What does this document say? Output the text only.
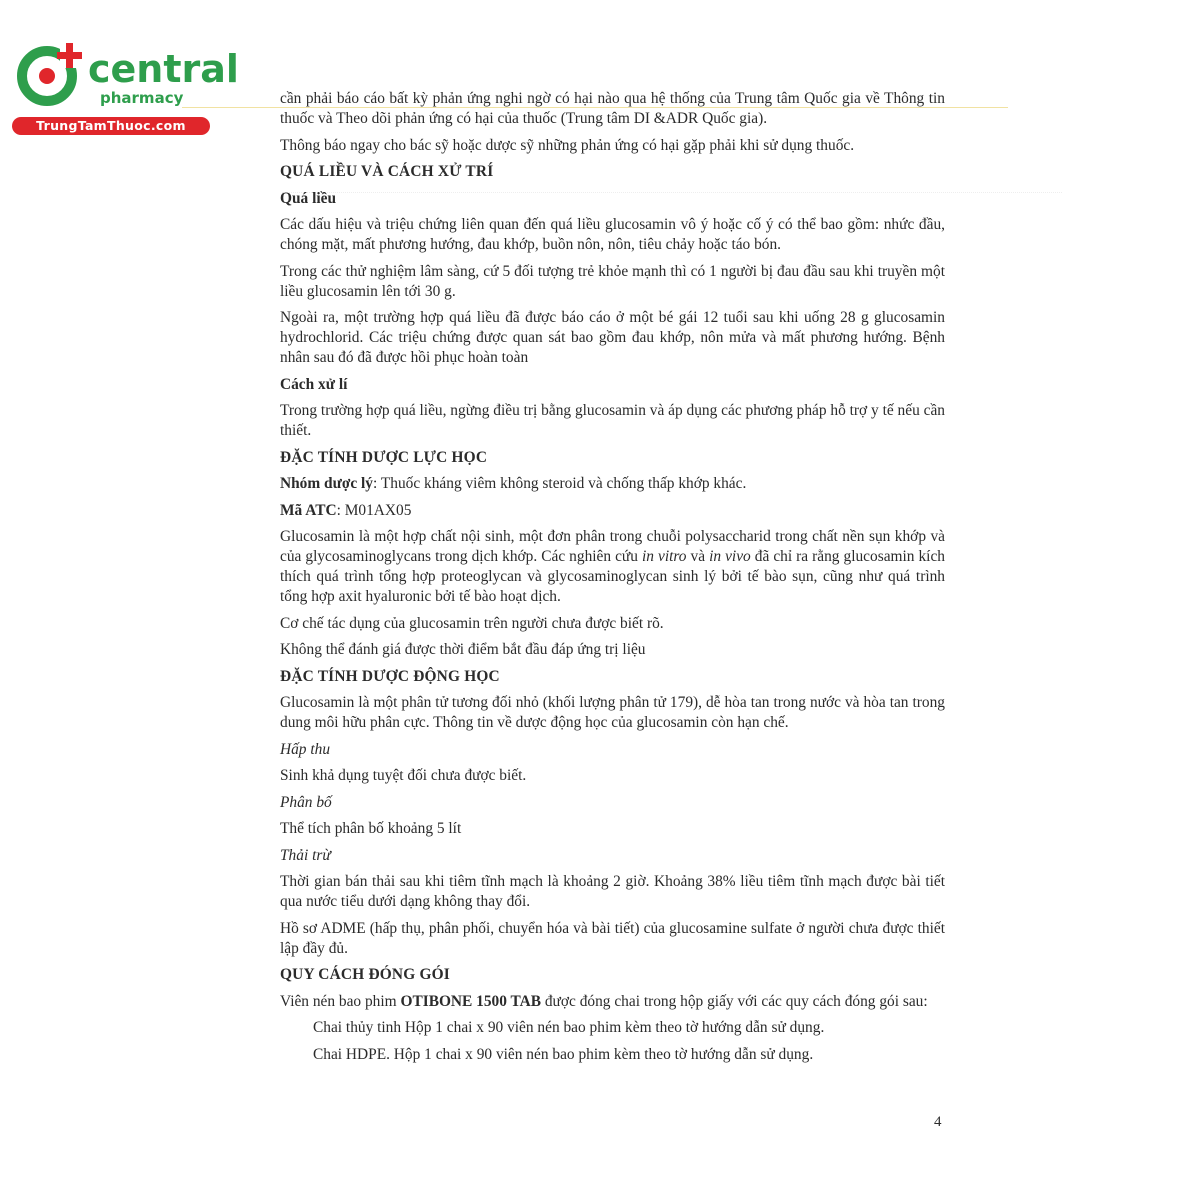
central
pharmacy
TrungTamThuoc.com

cần phải báo cáo bất kỳ phản ứng nghi ngờ có hại nào qua hệ thống của Trung tâm Quốc gia về Thông tin thuốc và Theo dõi phản ứng có hại của thuốc (Trung tâm DI &ADR Quốc gia).

Thông báo ngay cho bác sỹ hoặc dược sỹ những phản ứng có hại gặp phải khi sử dụng thuốc.

QUÁ LIỀU VÀ CÁCH XỬ TRÍ
Quá liều

Các dấu hiệu và triệu chứng liên quan đến quá liều glucosamin vô ý hoặc cố ý có thể bao gồm: nhức đầu, chóng mặt, mất phương hướng, đau khớp, buồn nôn, nôn, tiêu chảy hoặc táo bón.

Trong các thử nghiệm lâm sàng, cứ 5 đối tượng trẻ khỏe mạnh thì có 1 người bị đau đầu sau khi truyền một liều glucosamin lên tới 30 g.

Ngoài ra, một trường hợp quá liều đã được báo cáo ở một bé gái 12 tuổi sau khi uống 28 g glucosamin hydrochlorid. Các triệu chứng được quan sát bao gồm đau khớp, nôn mửa và mất phương hướng. Bệnh nhân sau đó đã được hồi phục hoàn toàn

Cách xử lí

Trong trường hợp quá liều, ngừng điều trị bằng glucosamin và áp dụng các phương pháp hỗ trợ y tế nếu cần thiết.

ĐẶC TÍNH DƯỢC LỰC HỌC

Nhóm dược lý: Thuốc kháng viêm không steroid và chống thấp khớp khác.

Mã ATC: M01AX05

Glucosamin là một hợp chất nội sinh, một đơn phân trong chuỗi polysaccharid trong chất nền sụn khớp và của glycosaminoglycans trong dịch khớp. Các nghiên cứu in vitro và in vivo đã chỉ ra rằng glucosamin kích thích quá trình tổng hợp proteoglycan và glycosaminoglycan sinh lý bởi tế bào sụn, cũng như quá trình tổng hợp axit hyaluronic bởi tế bào hoạt dịch.

Cơ chế tác dụng của glucosamin trên người chưa được biết rõ.

Không thể đánh giá được thời điểm bắt đầu đáp ứng trị liệu

ĐẶC TÍNH DƯỢC ĐỘNG HỌC

Glucosamin là một phân tử tương đối nhỏ (khối lượng phân tử 179), dễ hòa tan trong nước và hòa tan trong dung môi hữu phân cực. Thông tin về dược động học của glucosamin còn hạn chế.

Hấp thu

Sinh khả dụng tuyệt đối chưa được biết.

Phân bố

Thể tích phân bố khoảng 5 lít

Thải trừ

Thời gian bán thải sau khi tiêm tĩnh mạch là khoảng 2 giờ. Khoảng 38% liều tiêm tĩnh mạch được bài tiết qua nước tiểu dưới dạng không thay đổi.

Hồ sơ ADME (hấp thụ, phân phối, chuyển hóa và bài tiết) của glucosamine sulfate ở người chưa được thiết lập đầy đủ.

QUY CÁCH ĐÓNG GÓI

Viên nén bao phim OTIBONE 1500 TAB được đóng chai trong hộp giấy với các quy cách đóng gói sau:

Chai thủy tinh Hộp 1 chai x 90 viên nén bao phim kèm theo tờ hướng dẫn sử dụng.

Chai HDPE. Hộp 1 chai x 90 viên nén bao phim kèm theo tờ hướng dẫn sử dụng.

4
